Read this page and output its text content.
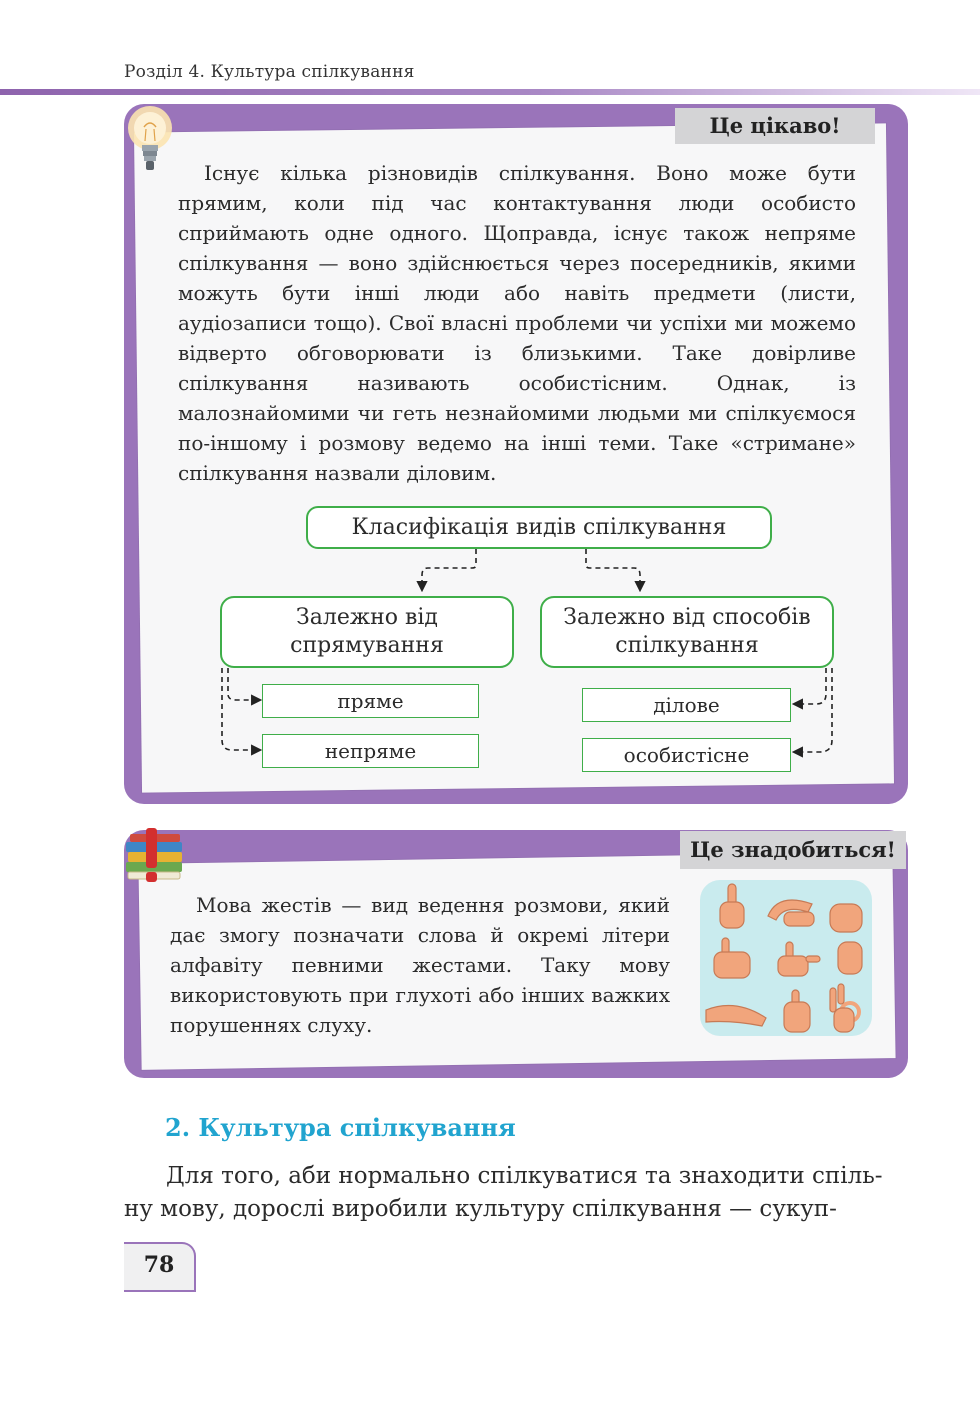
Розділ 4. Культура спілкування
Це цікаво!

Існує кілька різновидів спілкування. Воно може бути прямим, коли під час контактування люди особисто сприймають одне одного. Щоправда, існує також непряме спілкування — воно здійснюється через посередників, якими можуть бути інші люди або навіть предмети (листи, аудіозаписи тощо). Свої власні проблеми чи успіхи ми можемо відверто обговорювати із близькими. Таке довірливе спілкування називають особистісним. Однак, із малознайомими чи геть незнайомими людьми ми спілкуємося по-іншому і розмову ведемо на інші теми. Таке «стримане» спілкування назвали діловим.

Класифікація видів спілкування
Залежно від спрямування
Залежно від способів спілкування
пряме
непряме
ділове
особистісне
Це знадобиться!

Мова жестів — вид ведення розмови, який дає змогу позначати слова й окремі літери алфавіту певними жестами. Таку мову використовують при глухоті або інших важких порушеннях слуху.

2. Культура спілкування
Для того, аби нормально спілкуватися та знаходити спіль-
ну мову, дорослі виробили культуру спілкування — сукуп-
78
